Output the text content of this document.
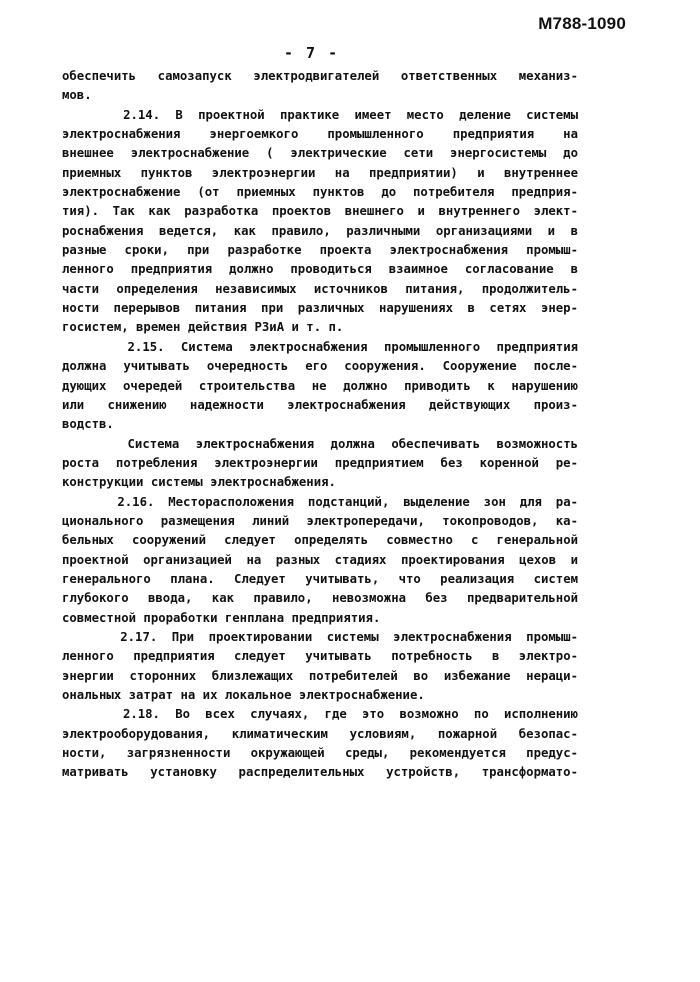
М788-1090
- 7 -
обеспечить самозапуск электродвигателей ответственных механиз-
мов.
2.14. В проектной практике имеет место деление системы
электроснабжения энергоемкого промышленного предприятия на
внешнее электроснабжение ( электрические сети энергосистемы до
приемных пунктов электроэнергии на предприятии) и внутреннее
электроснабжение (от приемных пунктов до потребителя предприя-
тия). Так как разработка проектов внешнего и внутреннего элект-
роснабжения ведется, как правило, различными организациями и в
разные сроки, при разработке проекта электроснабжения промыш-
ленного предприятия должно проводиться взаимное согласование в
части определения независимых источников питания, продолжитель-
ности перерывов питания при различных нарушениях в сетях энер-
госистем, времен действия РЗиА и т. п.
2.15. Система электроснабжения промышленного предприятия
должна учитывать очередность его сооружения. Сооружение после-
дующих очередей строительства не должно приводить к нарушению
или снижению надежности электроснабжения действующих произ-
водств.
Система электроснабжения должна обеспечивать возможность
роста потребления электроэнергии предприятием без коренной ре-
конструкции системы электроснабжения.
2.16. Месторасположения подстанций, выделение зон для ра-
ционального размещения линий электропередачи, токопроводов, ка-
бельных сооружений следует определять совместно с генеральной
проектной организацией на разных стадиях проектирования цехов и
генерального плана. Следует учитывать, что реализация систем
глубокого ввода, как правило, невозможна без предварительной
совместной проработки генплана предприятия.
2.17. При проектировании системы электроснабжения промыш-
ленного предприятия следует учитывать потребность в электро-
энергии сторонних близлежащих потребителей во избежание нераци-
ональных затрат на их локальное электроснабжение.
2.18. Во всех случаях, где это возможно по исполнению
электрооборудования, климатическим условиям, пожарной безопас-
ности, загрязненности окружающей среды, рекомендуется предус-
матривать установку распределительных устройств, трансформато-
